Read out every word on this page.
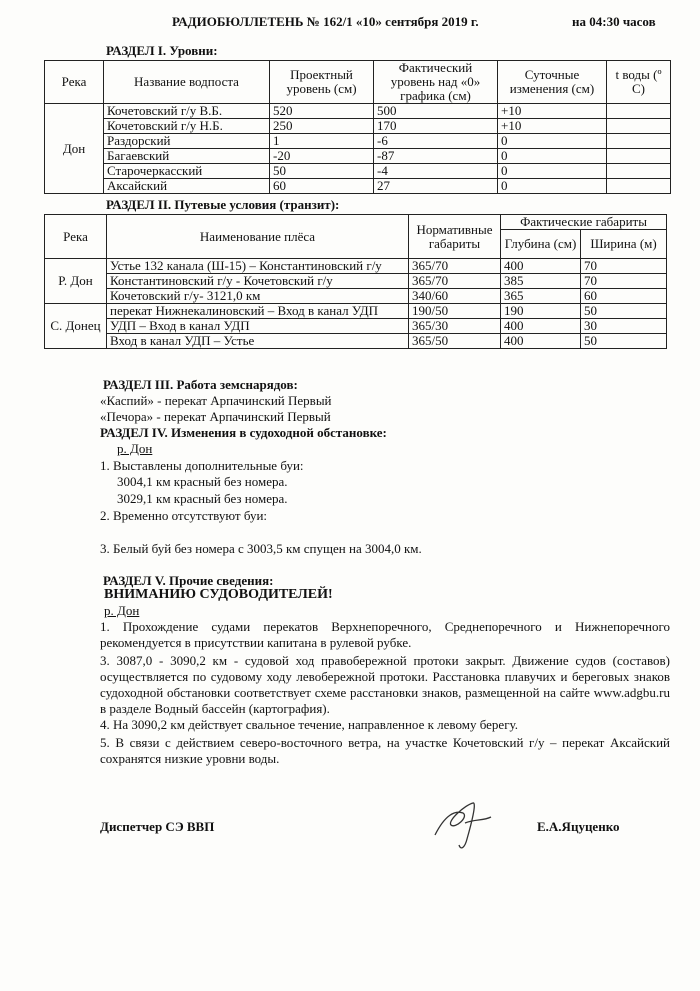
РАДИОБЮЛЛЕТЕНЬ № 162/1 «10» сентября 2019 г.	на 04:30 часов
РАЗДЕЛ I. Уровни:
Река	Название водпоста	Проектный уровень (см)	Фактический уровень над «0» графика (см)	Суточные изменения (см)	t воды (º С)
Дон	Кочетовский г/у В.Б.	520	500	+10	
	Кочетовский г/у Н.Б.	250	170	+10	
	Раздорский	1	-6	0	
	Багаевский	-20	-87	0	
	Старочеркасский	50	-4	0	
	Аксайский	60	27	0	
РАЗДЕЛ II. Путевые условия (транзит):
Река	Наименование плёса	Нормативные габариты	Фактические габариты	
			Глубина (см)	Ширина (м)
Р. Дон	Устье 132 канала (Ш-15) – Константиновский г/у	365/70	400	70
	Константиновский г/у - Кочетовский г/у	365/70	385	70
	Кочетовский г/у- 3121,0 км	340/60	365	60
С. Донец	перекат Нижнекалиновский – Вход в канал УДП	190/50	190	50
	УДП – Вход в канал УДП	365/30	400	30
	Вход в канал УДП – Устье	365/50	400	50
РАЗДЕЛ III. Работа земснарядов:
«Каспий» - перекат Арпачинский Первый
«Печора» - перекат Арпачинский Первый
РАЗДЕЛ IV. Изменения в судоходной обстановке:
р. Дон
1. Выставлены дополнительные буи:
3004,1 км красный без номера.
3029,1 км красный без номера.
2. Временно отсутствуют буи:
3. Белый буй без номера с 3003,5 км спущен на 3004,0 км.
РАЗДЕЛ V. Прочие сведения:
ВНИМАНИЮ СУДОВОДИТЕЛЕЙ!
р. Дон
1. Прохождение судами перекатов Верхнепоречного, Среднепоречного и Нижнепоречного рекомендуется в присутствии капитана в рулевой рубке.
3. 3087,0 - 3090,2 км - судовой ход правобережной протоки закрыт. Движение судов (составов) осуществляется по судовому ходу левобережной протоки. Расстановка плавучих и береговых знаков судоходной обстановки соответствует схеме расстановки знаков, размещенной на сайте www.adgbu.ru в разделе Водный бассейн (картография).
4. На 3090,2 км действует свальное течение, направленное к левому берегу.
5. В связи с действием северо-восточного ветра, на участке Кочетовский г/у – перекат Аксайский сохранятся низкие уровни воды.
Диспетчер СЭ ВВП	Е.А.Яцуценко
